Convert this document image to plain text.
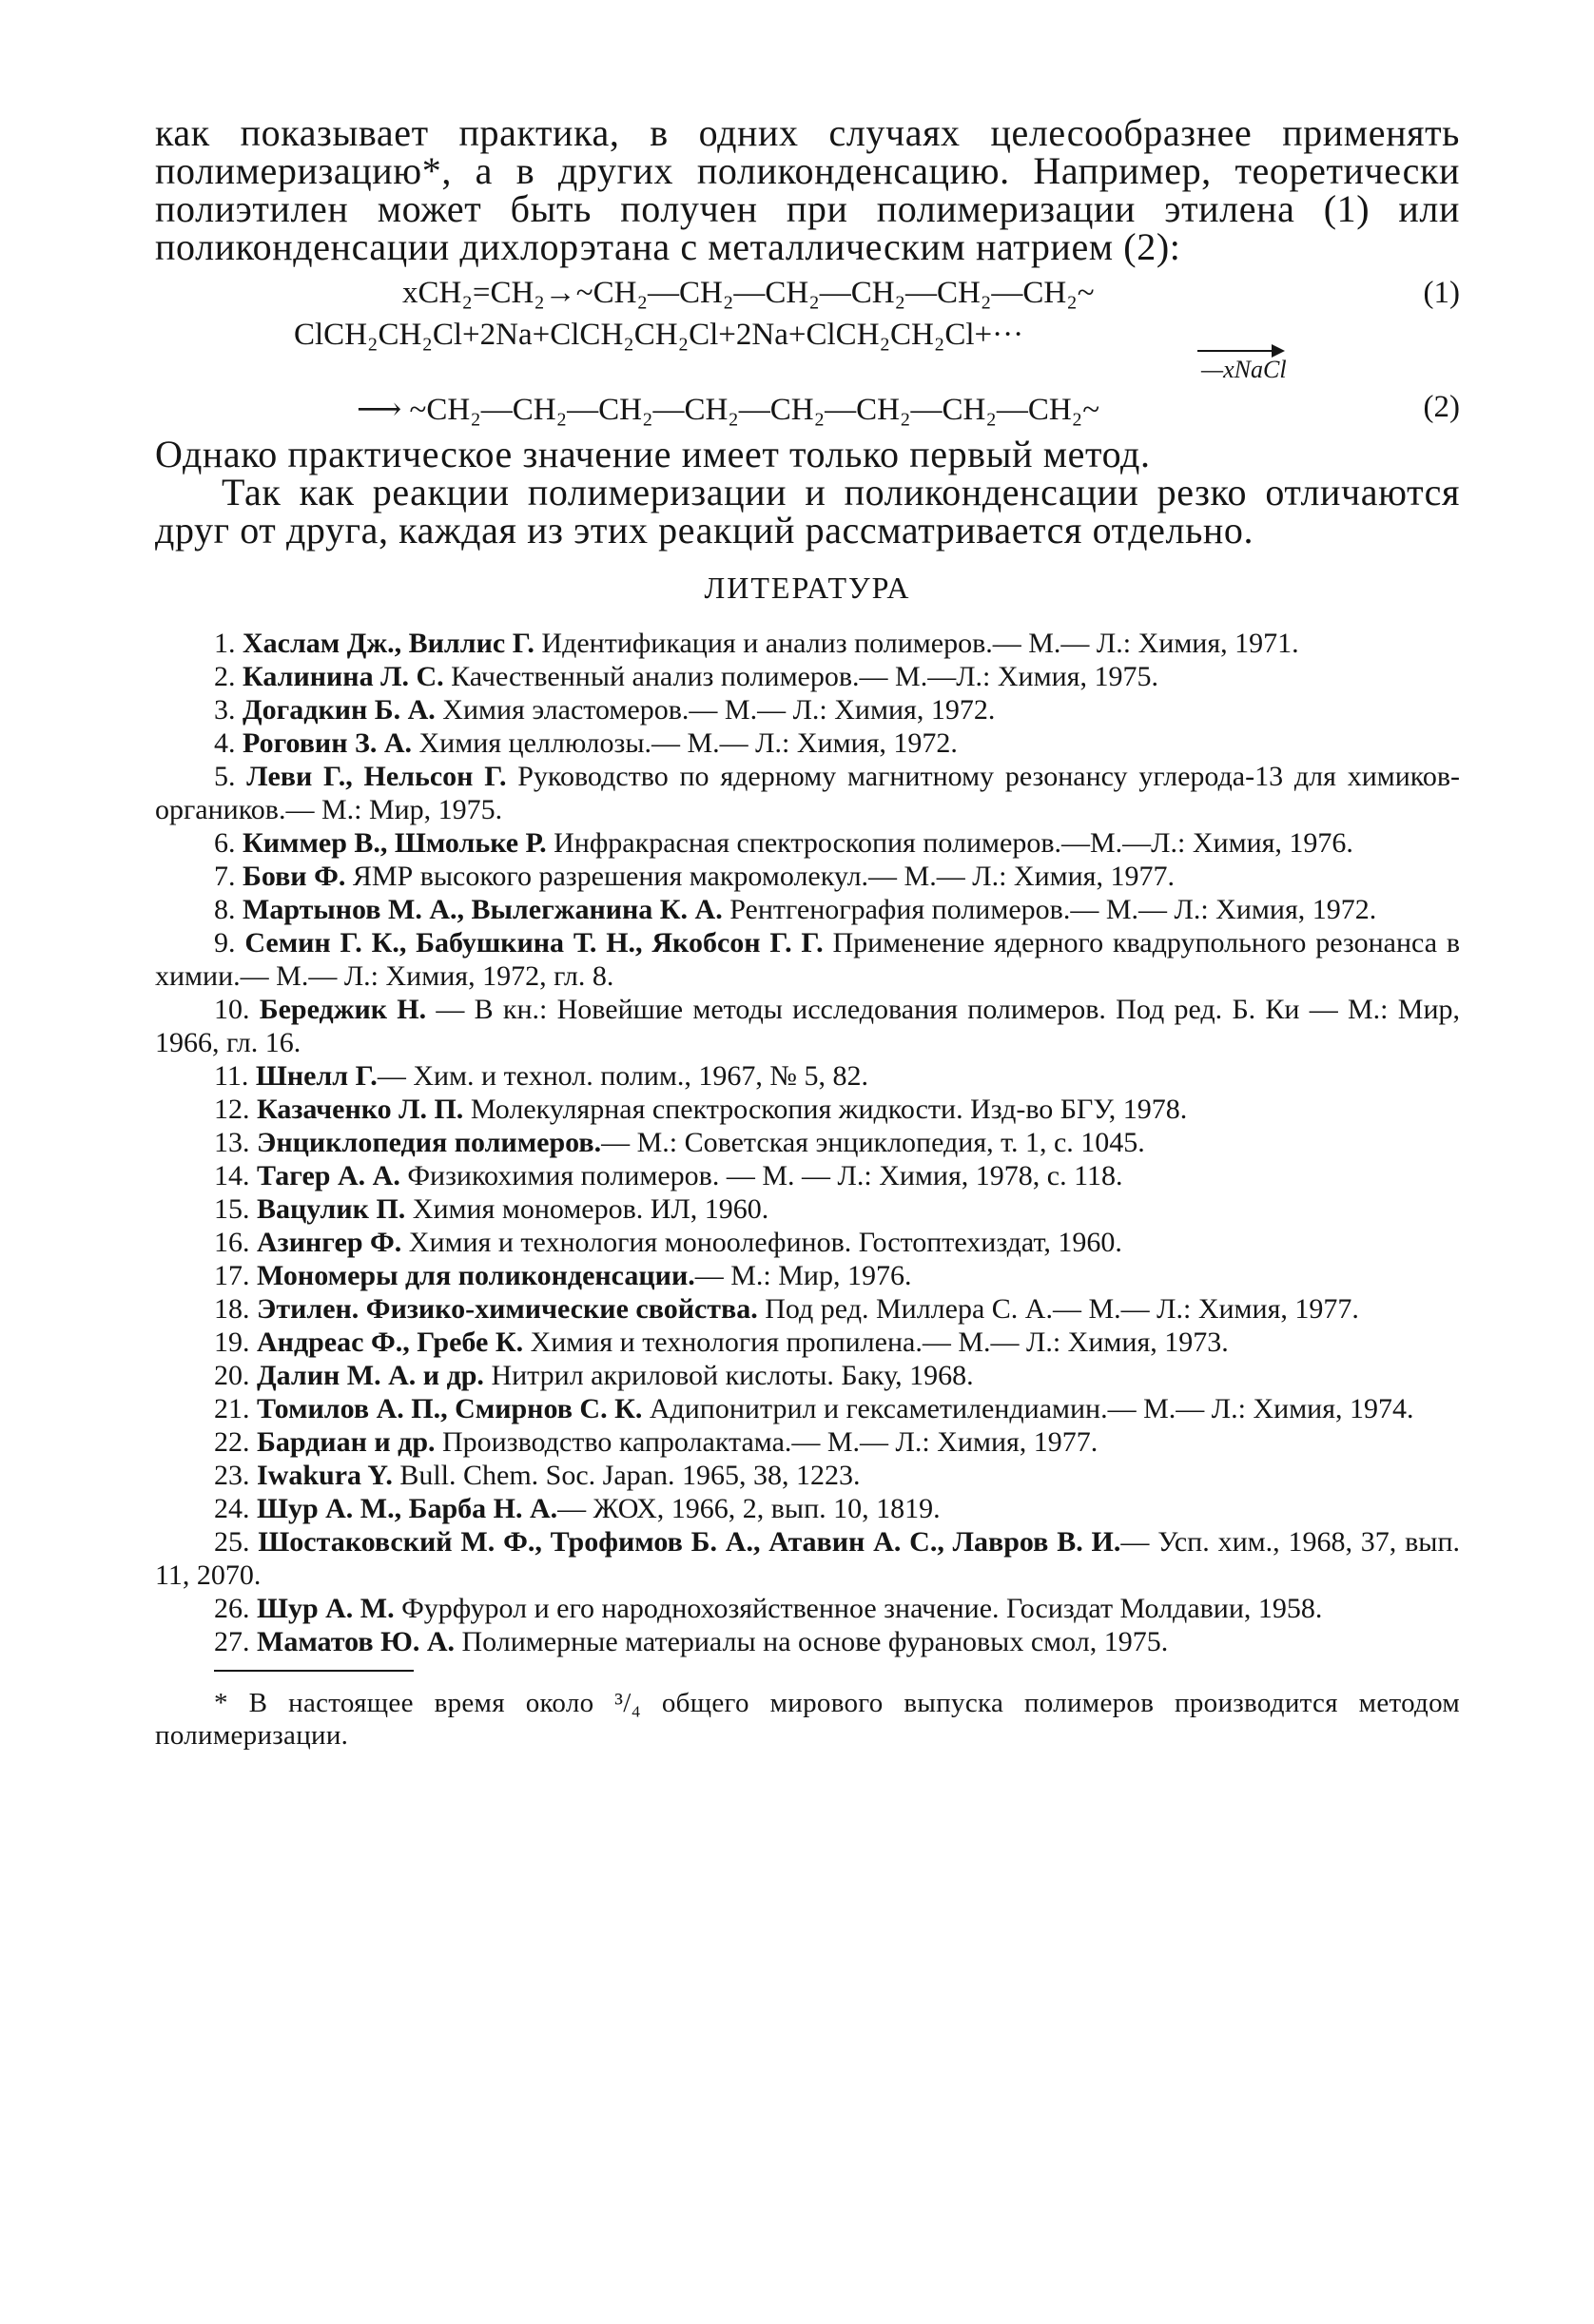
как показывает практика, в одних случаях целесообразнее применять полимеризацию*, а в других поликонденсацию. Например, теоретически полиэтилен может быть получен при полимеризации этилена (1) или поликонденсации дихлорэтана с металлическим натрием (2):

xCH₂=CH₂→~CH₂—CH₂—CH₂—CH₂—CH₂—CH₂~	(1)
ClCH₂CH₂Cl+2Na+ClCH₂CH₂Cl+2Na+ClCH₂CH₂Cl+···
—xNaCl
⟶ ~CH₂—CH₂—CH₂—CH₂—CH₂—CH₂—CH₂—CH₂~	(2)

Однако практическое значение имеет только первый метод.

Так как реакции полимеризации и поликонденсации резко отличаются друг от друга, каждая из этих реакций рассматривается отдельно.

ЛИТЕРАТУРА

1. Хаслам Дж., Виллис Г. Идентификация и анализ полимеров.— М.— Л.: Химия, 1971.

2. Калинина Л. С. Качественный анализ полимеров.— М.—Л.: Химия, 1975.

3. Догадкин Б. А. Химия эластомеров.— М.— Л.: Химия, 1972.

4. Роговин З. А. Химия целлюлозы.— М.— Л.: Химия, 1972.

5. Леви Г., Нельсон Г. Руководство по ядерному магнитному резонансу углерода-13 для химиков-органиков.— М.: Мир, 1975.

6. Киммер В., Шмольке Р. Инфракрасная спектроскопия полимеров.—М.—Л.: Химия, 1976.

7. Бови Ф. ЯМР высокого разрешения макромолекул.— М.— Л.: Химия, 1977.

8. Мартынов М. А., Вылегжанина К. А. Рентгенография полимеров.— М.— Л.: Химия, 1972.

9. Семин Г. К., Бабушкина Т. Н., Якобсон Г. Г. Применение ядерного квадрупольного резонанса в химии.— М.— Л.: Химия, 1972, гл. 8.

10. Береджик Н. — В кн.: Новейшие методы исследования полимеров. Под ред. Б. Ки — М.: Мир, 1966, гл. 16.

11. Шнелл Г.— Хим. и технол. полим., 1967, № 5, 82.

12. Казаченко Л. П. Молекулярная спектроскопия жидкости. Изд-во БГУ, 1978.

13. Энциклопедия полимеров.— М.: Советская энциклопедия, т. 1, с. 1045.

14. Тагер А. А. Физикохимия полимеров. — М. — Л.: Химия, 1978, с. 118.

15. Вацулик П. Химия мономеров. ИЛ, 1960.

16. Азингер Ф. Химия и технология моноолефинов. Гостоптехиздат, 1960.

17. Мономеры для поликонденсации.— М.: Мир, 1976.

18. Этилен. Физико-химические свойства. Под ред. Миллера С. А.— М.— Л.: Химия, 1977.

19. Андреас Ф., Гребе К. Химия и технология пропилена.— М.— Л.: Химия, 1973.

20. Далин М. А. и др. Нитрил акриловой кислоты. Баку, 1968.

21. Томилов А. П., Смирнов С. К. Адипонитрил и гексаметилендиамин.— М.— Л.: Химия, 1974.

22. Бардиан и др. Производство капролактама.— М.— Л.: Химия, 1977.

23. Iwakura Y. Bull. Chem. Soc. Japan. 1965, 38, 1223.

24. Шур А. М., Барба Н. А.— ЖОХ, 1966, 2, вып. 10, 1819.

25. Шостаковский М. Ф., Трофимов Б. А., Атавин А. С., Лавров В. И.— Усп. хим., 1968, 37, вып. 11, 2070.

26. Шур А. М. Фурфурол и его народнохозяйственное значение. Госиздат Молдавии, 1958.

27. Маматов Ю. А. Полимерные материалы на основе фурановых смол, 1975.

* В настоящее время около ³/₄ общего мирового выпуска полимеров производится методом полимеризации.
